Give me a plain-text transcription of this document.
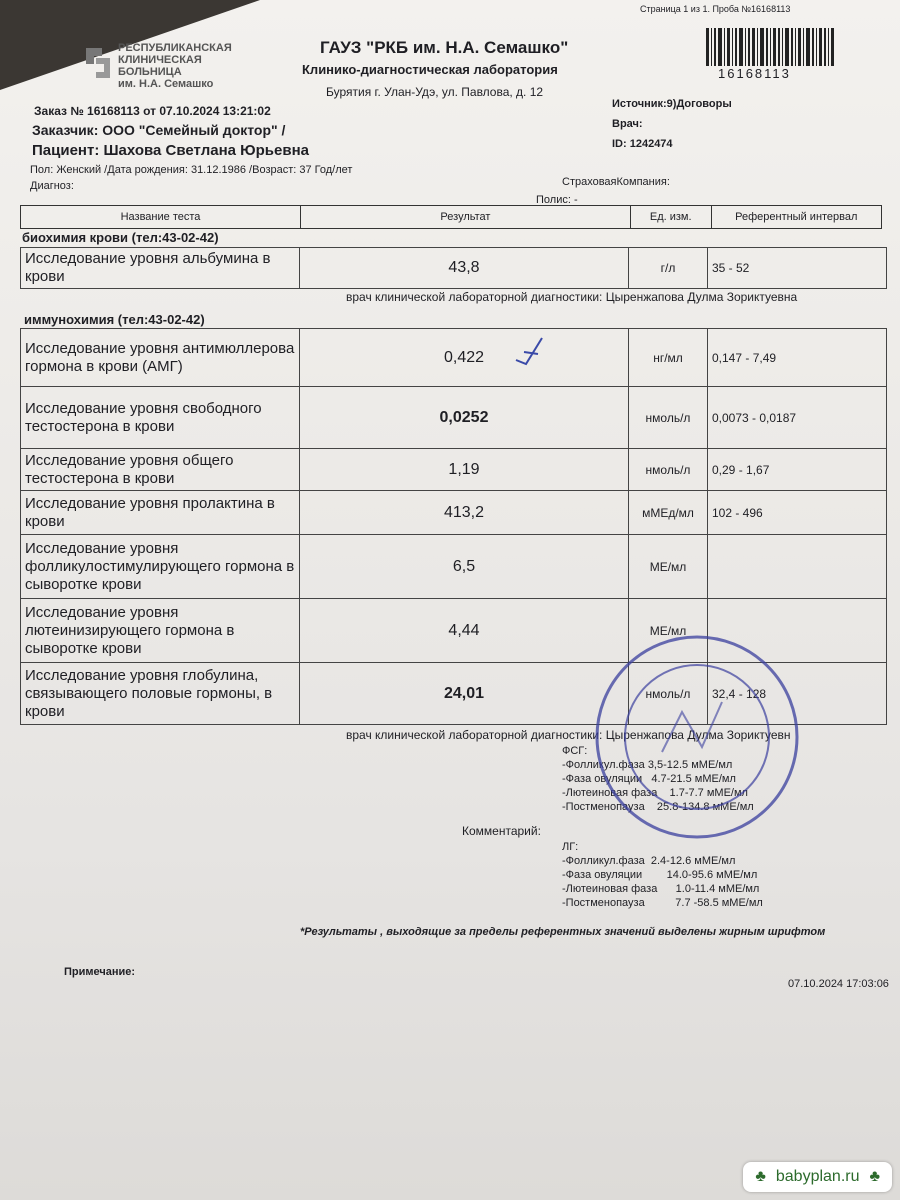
Страница 1 из 1. Проба №16168113
РЕСПУБЛИКАНСКАЯ
КЛИНИЧЕСКАЯ
БОЛЬНИЦА
им. Н.А. Семашко
ГАУЗ "РКБ им. Н.А. Семашко"
Клинико-диагностическая лаборатория
Бурятия г. Улан-Удэ, ул. Павлова, д. 12
16168113
Заказ № 16168113 от 07.10.2024 13:21:02
Заказчик: ООО "Семейный доктор" /
Пациент: Шахова Светлана Юрьевна
Пол: Женский /Дата рождения: 31.12.1986 /Возраст: 37 Год/лет
Диагноз:
Источник:9)Договоры
Врач:
ID: 1242474
СтраховаяКомпания:
Полис: -
Название теста	Результат	Ед. изм.	Референтный интервал
биохимия крови (тел:43-02-42)
Исследование уровня альбумина в крови	43,8	г/л	35 - 52
врач клинической лабораторной диагностики: Цыренжапова Дулма Зориктуевна
иммунохимия (тел:43-02-42)
Исследование уровня антимюллерова гормона в крови (АМГ)	0,422	нг/мл	0,147 - 7,49
Исследование уровня свободного тестостерона в крови	0,0252	нмоль/л	0,0073 - 0,0187
Исследование уровня общего тестостерона в крови	1,19	нмоль/л	0,29 - 1,67
Исследование уровня пролактина в крови	413,2	мМЕд/мл	102 - 496
Исследование уровня фолликулостимулирующего гормона в сыворотке крови	6,5	МЕ/мл	
Исследование уровня лютеинизирующего гормона в сыворотке крови	4,44	МЕ/мл	
Исследование уровня глобулина, связывающего половые гормоны, в крови	24,01	нмоль/л	32,4 - 128
врач клинической лабораторной диагностики: Цыренжапова Дулма Зориктуевн
Комментарий:
ФСГ:
-Фолликул.фаза 3,5-12.5 мМЕ/мл
-Фаза овуляции   4.7-21.5 мМЕ/мл
-Лютеиновая фаза    1.7-7.7 мМЕ/мл
-Постменопауза    25.8-134.8 мМЕ/мл
ЛГ:
-Фолликул.фаза  2.4-12.6 мМЕ/мл
-Фаза овуляции        14.0-95.6 мМЕ/мл
-Лютеиновая фаза      1.0-11.4 мМЕ/мл
-Постменопауза          7.7 -58.5 мМЕ/мл
*Результаты , выходящие за пределы референтных значений выделены жирным шрифтом
Примечание:
07.10.2024 17:03:06
♣ babyplan.ru ♣
